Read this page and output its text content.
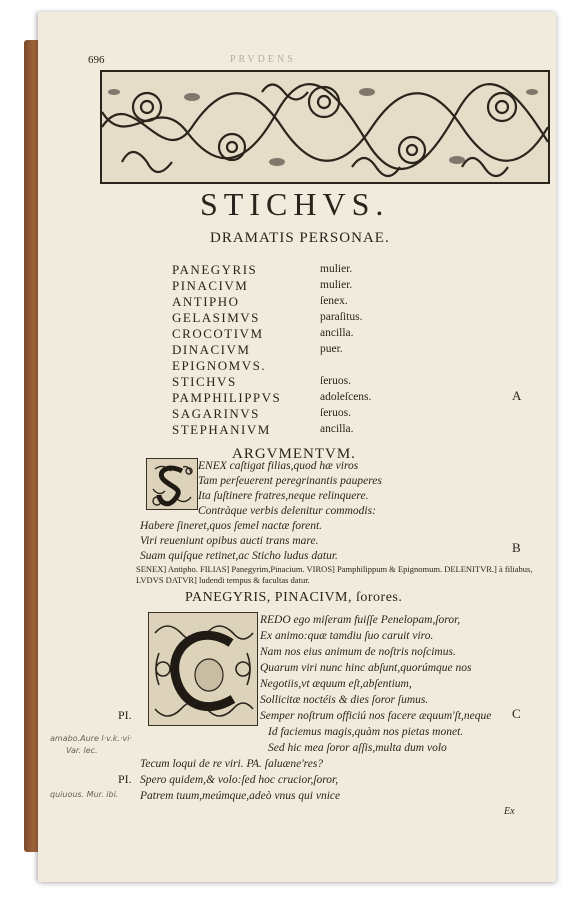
696	PRVDENS
STICHVS.
DRAMATIS PERSONAE.
PANEGYRIS	mulier.
PINACIVM	mulier.
ANTIPHO	ſenex.
GELASIMVS	paraſitus.
CROCOTIVM	ancilla.
DINACIVM	puer.
EPIGNOMVS.
STICHVS	ſeruos.
PAMPHILIPPVS	adoleſcens.
SAGARINVS	ſeruos.
STEPHANIVM	ancilla.
A
ARGVMENTVM.
ENEX caſtigat filias,quod hæ viros
Tam perſeuerent peregrinantis pauperes
Ita ſuſtinere fratres,neque relinquere.
Contràque verbis delenitur commodis:
Habere ſineret,quos ſemel nactæ forent.
Viri reueniunt opibus aucti trans mare.
Suam quiſque retinet,ac Sticho ludus datur.
B
SENEX] Antipho. FILIAS] Panegyrim,Pinacium. VIROS] Pamphilippum & Epignomum. DELENITVR.] à filiabus,
LVDVS DATVR] ludendi tempus & facultas datur.
PANEGYRIS, PINACIVM, ſorores.
REDO ego miſeram fuiſſe Penelopam,ſoror,
Ex animo:quæ tamdiu ſuo caruit viro.
Nam nos eius animum de noſtris noſcimus.
Quarum viri nunc hinc abſunt,quorúmque nos
Negotiis,vt æquum eſt,abſentium,
Sollicitæ noctéis & dies ſoror ſumus.
PI.	Semper noſtrum officiú nos facere æquum'ſt,neque C
Id faciemus magis,quàm nos pietas monet.
Sed hic mea ſoror aſſis,multa dum volo
Tecum loqui de re viri. PA. ſaluæne'res?
PI. Spero quidem,& volo:ſed hoc crucior,ſoror,
Patrem tuum,meúmque,adeò vnus qui vnice
Ex
amabo.Aure l·v.k.·vi·
Var. lec.
quiuous. Mur. ibi.
